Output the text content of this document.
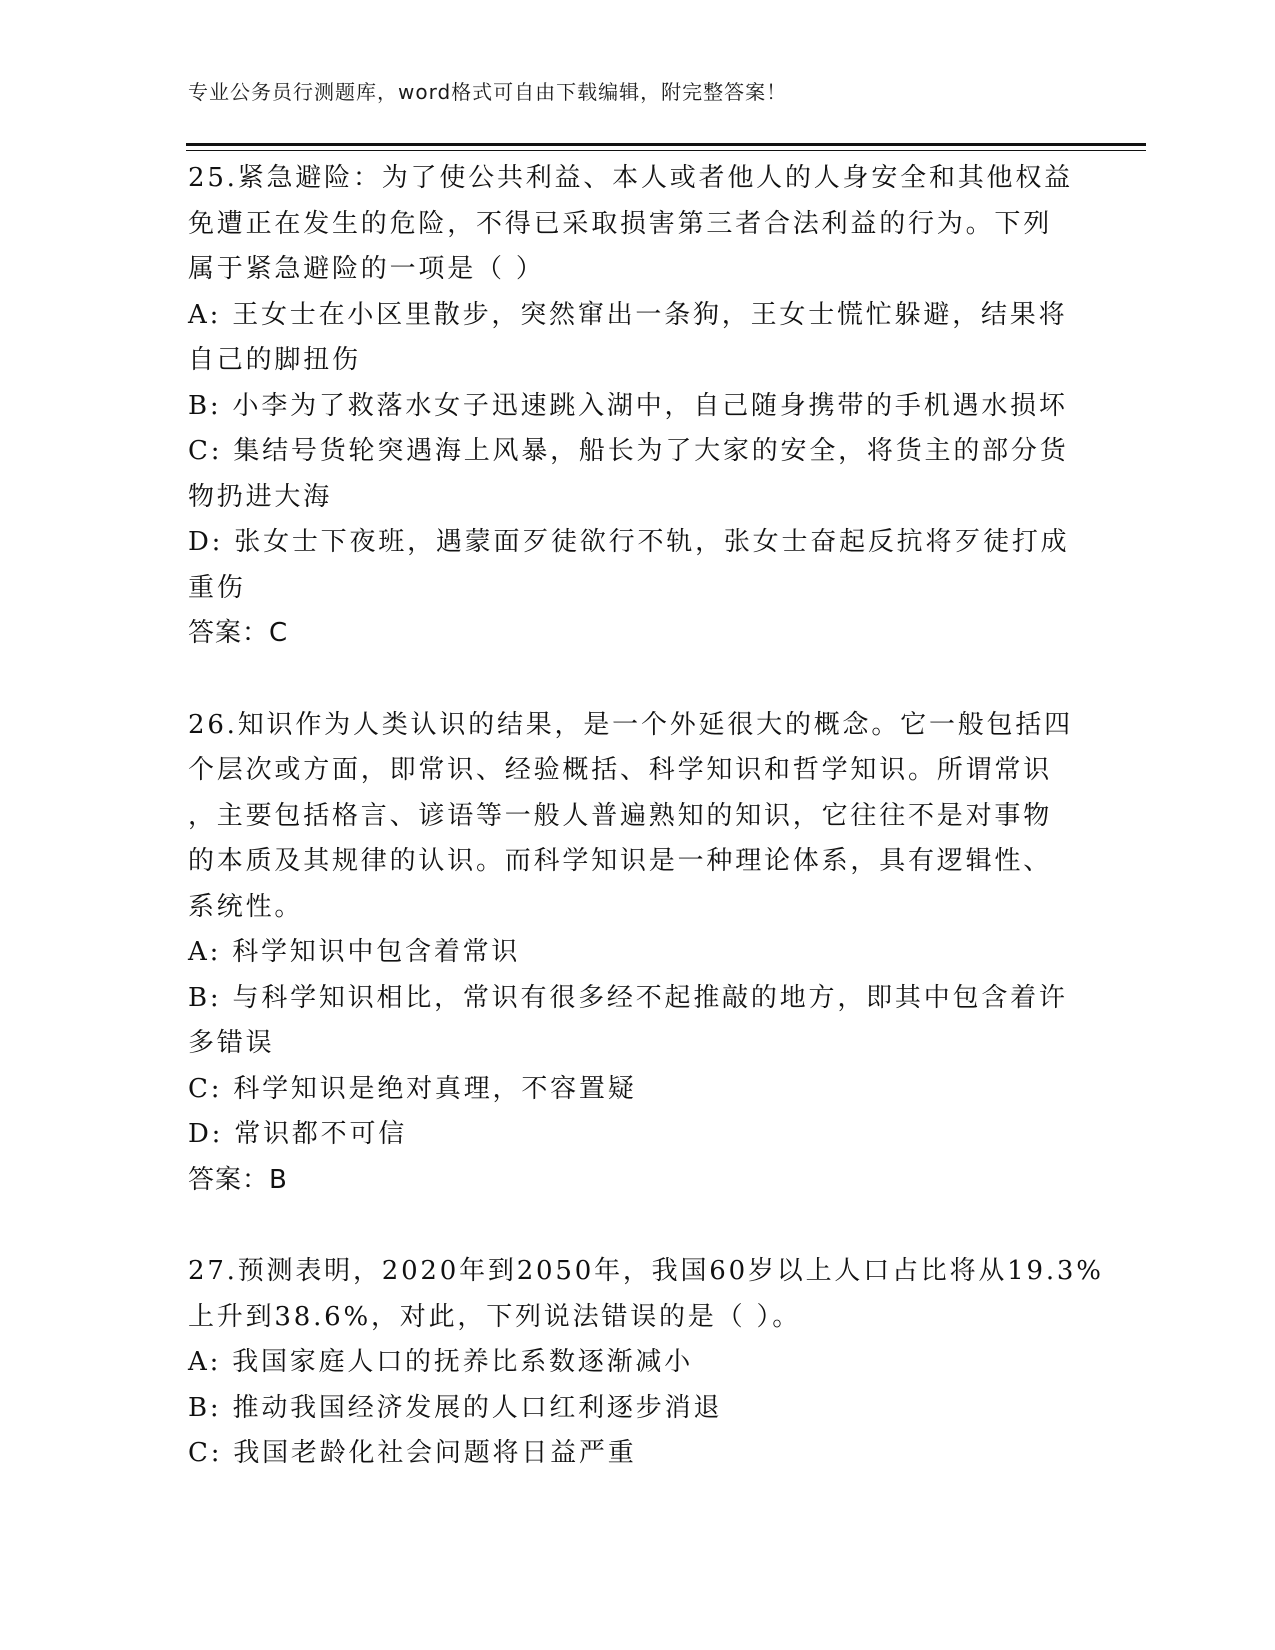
专业公务员行测题库，word格式可自由下载编辑，附完整答案！
25.紧急避险：为了使公共利益、本人或者他人的人身安全和其他权益
免遭正在发生的危险，不得已采取损害第三者合法利益的行为。下列
属于紧急避险的一项是（ ）
A: 王女士在小区里散步，突然窜出一条狗，王女士慌忙躲避，结果将
自己的脚扭伤
B: 小李为了救落水女子迅速跳入湖中，自己随身携带的手机遇水损坏
C: 集结号货轮突遇海上风暴，船长为了大家的安全，将货主的部分货
物扔进大海
D: 张女士下夜班，遇蒙面歹徒欲行不轨，张女士奋起反抗将歹徒打成
重伤
答案：C
26.知识作为人类认识的结果，是一个外延很大的概念。它一般包括四
个层次或方面，即常识、经验概括、科学知识和哲学知识。所谓常识
，主要包括格言、谚语等一般人普遍熟知的知识，它往往不是对事物
的本质及其规律的认识。而科学知识是一种理论体系，具有逻辑性、
系统性。
A: 科学知识中包含着常识
B: 与科学知识相比，常识有很多经不起推敲的地方，即其中包含着许
多错误
C: 科学知识是绝对真理，不容置疑
D: 常识都不可信
答案：B
27.预测表明，2020年到2050年，我国60岁以上人口占比将从19.3%
上升到38.6%，对此，下列说法错误的是（ ）。
A: 我国家庭人口的抚养比系数逐渐减小
B: 推动我国经济发展的人口红利逐步消退
C: 我国老龄化社会问题将日益严重
